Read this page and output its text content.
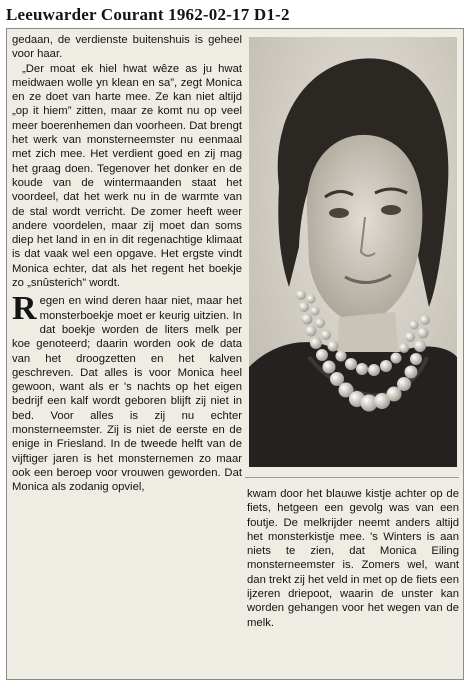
Leeuwarder Courant 1962-02-17 D1-2

gedaan, de verdienste buitenshuis is geheel voor haar.

„Der moat ek hiel hwat wêze as ju hwat meidwaen wolle yn klean en sa”, zegt Monica en ze doet van harte mee. Ze kan niet altijd „op it hiem” zitten, maar ze komt nu op veel meer boerenhemen dan voorheen. Dat brengt het werk van monsterneemster nu eenmaal met zich mee. Het verdient goed en zij mag het graag doen. Tegenover het donker en de koude van de wintermaanden staat het voordeel, dat het werk nu in de warmte van de stal wordt verricht. De zomer heeft weer andere voordelen, maar zij moet dan soms diep het land in en in dit regenachtige klimaat is dat vaak wel een opgave. Het ergste vindt Monica echter, dat als het regent het boekje zo „snûsterich” wordt.

Regen en wind deren haar niet, maar het monsterboekje moet er keurig uitzien. In dat boekje worden de liters melk per koe genoteerd; daarin worden ook de data van het droogzetten en het kalven geschreven. Dat alles is voor Monica heel gewoon, want als er 's nachts op het eigen bedrijf een kalf wordt geboren blijft zij niet in bed. Voor alles is zij nu echter monsterneemster. Zij is niet de eerste en de enige in Friesland. In de tweede helft van de vijftiger jaren is het monsternemen zo maar ook een beroep voor vrouwen geworden. Dat Monica als zodanig opviel,

kwam door het blauwe kistje achter op de fiets, hetgeen een gevolg was van een foutje. De melkrijder neemt anders altijd het monsterkistje mee. 's Winters is aan niets te zien, dat Monica Eiling monsterneemster is. Zomers wel, want dan trekt zij het veld in met op de fiets een ijzeren driepoot, waarin de unster kan worden gehangen voor het wegen van de melk.
